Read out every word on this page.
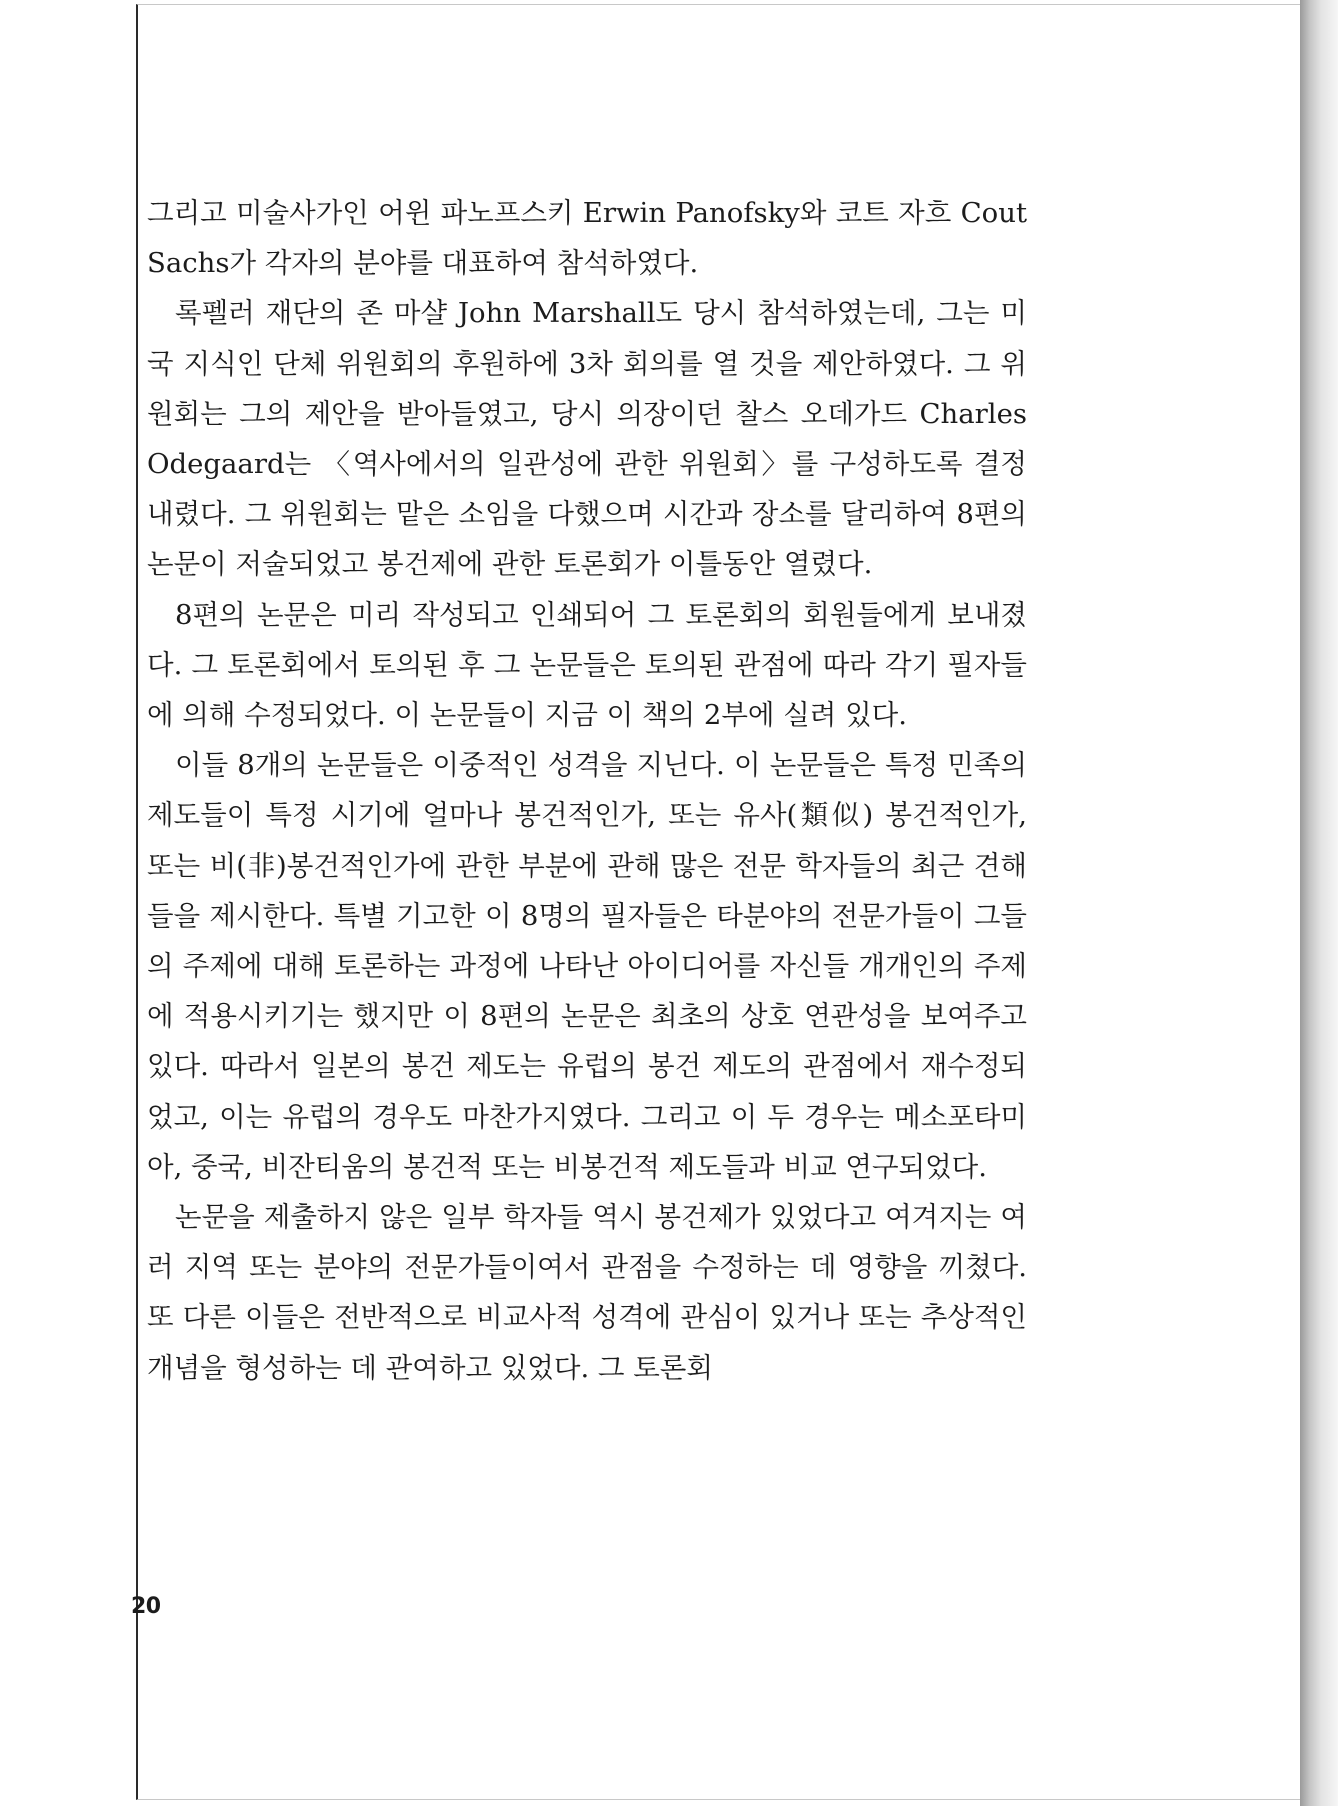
그리고 미술사가인 어윈 파노프스키 Erwin Panofsky와 코트 자흐 Cout Sachs가 각자의 분야를 대표하여 참석하였다.

록펠러 재단의 존 마샬 John Marshall도 당시 참석하였는데, 그는 미국 지식인 단체 위원회의 후원하에 3차 회의를 열 것을 제안하였다. 그 위원회는 그의 제안을 받아들였고, 당시 의장이던 찰스 오데가드 Charles Odegaard는 〈역사에서의 일관성에 관한 위원회〉를 구성하도록 결정내렸다. 그 위원회는 맡은 소임을 다했으며 시간과 장소를 달리하여 8편의 논문이 저술되었고 봉건제에 관한 토론회가 이틀동안 열렸다.

8편의 논문은 미리 작성되고 인쇄되어 그 토론회의 회원들에게 보내졌다. 그 토론회에서 토의된 후 그 논문들은 토의된 관점에 따라 각기 필자들에 의해 수정되었다. 이 논문들이 지금 이 책의 2부에 실려 있다.

이들 8개의 논문들은 이중적인 성격을 지닌다. 이 논문들은 특정 민족의 제도들이 특정 시기에 얼마나 봉건적인가, 또는 유사(類似) 봉건적인가, 또는 비(非)봉건적인가에 관한 부분에 관해 많은 전문 학자들의 최근 견해들을 제시한다. 특별 기고한 이 8명의 필자들은 타분야의 전문가들이 그들의 주제에 대해 토론하는 과정에 나타난 아이디어를 자신들 개개인의 주제에 적용시키기는 했지만 이 8편의 논문은 최초의 상호 연관성을 보여주고 있다. 따라서 일본의 봉건 제도는 유럽의 봉건 제도의 관점에서 재수정되었고, 이는 유럽의 경우도 마찬가지였다. 그리고 이 두 경우는 메소포타미아, 중국, 비잔티움의 봉건적 또는 비봉건적 제도들과 비교 연구되었다.

논문을 제출하지 않은 일부 학자들 역시 봉건제가 있었다고 여겨지는 여러 지역 또는 분야의 전문가들이여서 관점을 수정하는 데 영향을 끼쳤다. 또 다른 이들은 전반적으로 비교사적 성격에 관심이 있거나 또는 추상적인 개념을 형성하는 데 관여하고 있었다. 그 토론회

20
